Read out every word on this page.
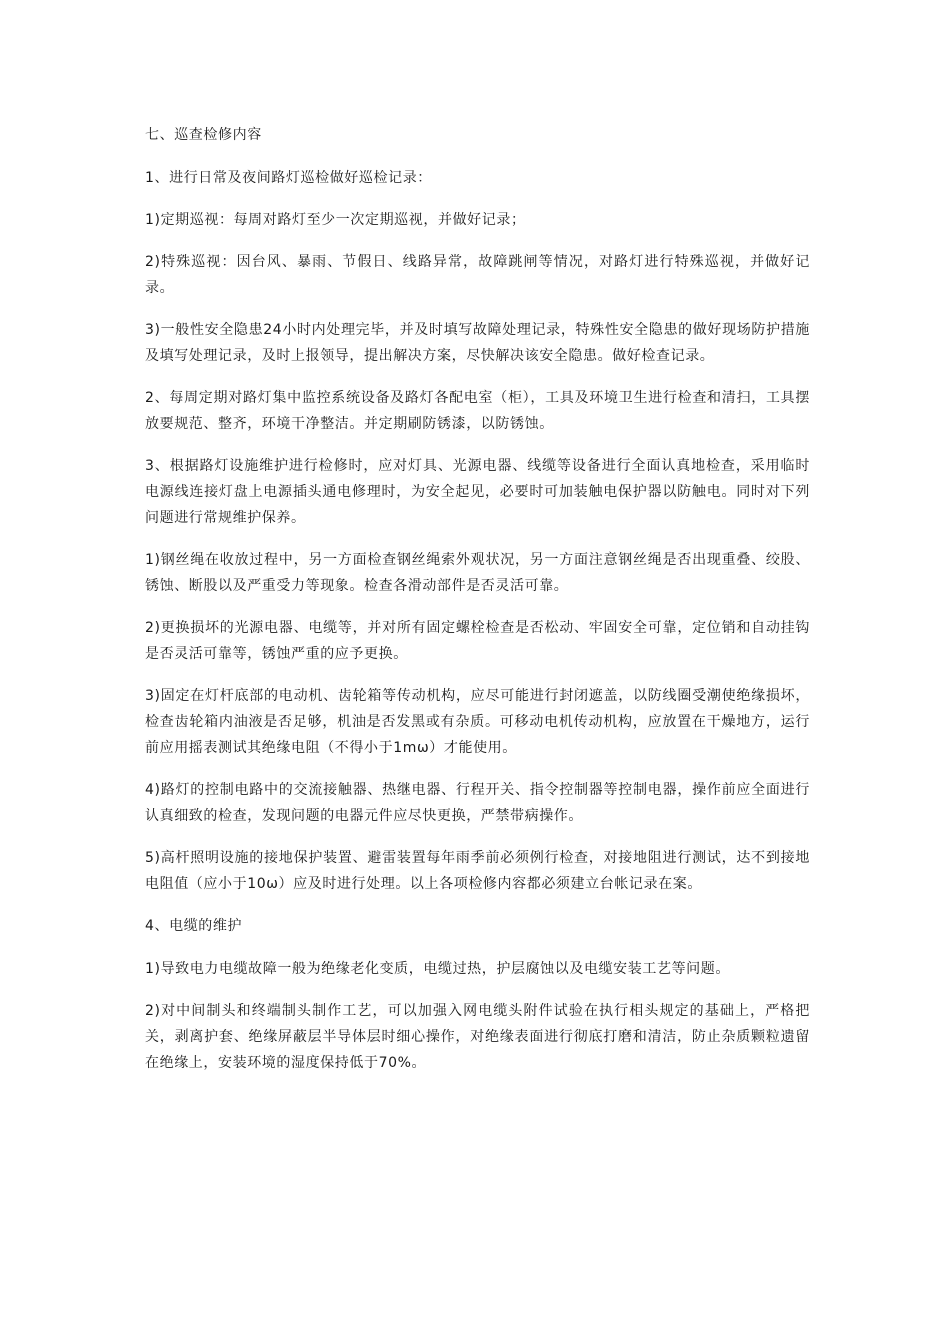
七、巡查检修内容

1、进行日常及夜间路灯巡检做好巡检记录：

1)定期巡视：每周对路灯至少一次定期巡视，并做好记录；

2)特殊巡视：因台风、暴雨、节假日、线路异常，故障跳闸等情况，对路灯进行特殊巡视，并做好记录。

3)一般性安全隐患24小时内处理完毕，并及时填写故障处理记录，特殊性安全隐患的做好现场防护措施及填写处理记录，及时上报领导，提出解决方案，尽快解决该安全隐患。做好检查记录。

2、每周定期对路灯集中监控系统设备及路灯各配电室（柜），工具及环境卫生进行检查和清扫，工具摆放要规范、整齐，环境干净整洁。并定期刷防锈漆，以防锈蚀。

3、根据路灯设施维护进行检修时，应对灯具、光源电器、线缆等设备进行全面认真地检查，采用临时电源线连接灯盘上电源插头通电修理时，为安全起见，必要时可加装触电保护器以防触电。同时对下列问题进行常规维护保养。

1)钢丝绳在收放过程中，另一方面检查钢丝绳索外观状况，另一方面注意钢丝绳是否出现重叠、绞股、锈蚀、断股以及严重受力等现象。检查各滑动部件是否灵活可靠。

2)更换损坏的光源电器、电缆等，并对所有固定螺栓检查是否松动、牢固安全可靠，定位销和自动挂钩是否灵活可靠等，锈蚀严重的应予更换。

3)固定在灯杆底部的电动机、齿轮箱等传动机构，应尽可能进行封闭遮盖，以防线圈受潮使绝缘损坏，检查齿轮箱内油液是否足够，机油是否发黑或有杂质。可移动电机传动机构，应放置在干燥地方，运行前应用摇表测试其绝缘电阻（不得小于1mω）才能使用。

4)路灯的控制电路中的交流接触器、热继电器、行程开关、指令控制器等控制电器，操作前应全面进行认真细致的检查，发现问题的电器元件应尽快更换，严禁带病操作。

5)高杆照明设施的接地保护装置、避雷装置每年雨季前必须例行检查，对接地阻进行测试，达不到接地电阻值（应小于10ω）应及时进行处理。以上各项检修内容都必须建立台帐记录在案。

4、电缆的维护

1)导致电力电缆故障一般为绝缘老化变质，电缆过热，护层腐蚀以及电缆安装工艺等问题。

2)对中间制头和终端制头制作工艺，可以加强入网电缆头附件试验在执行相头规定的基础上，严格把关，剥离护套、绝缘屏蔽层半导体层时细心操作，对绝缘表面进行彻底打磨和清洁，防止杂质颗粒遗留在绝缘上，安装环境的湿度保持低于70%。
